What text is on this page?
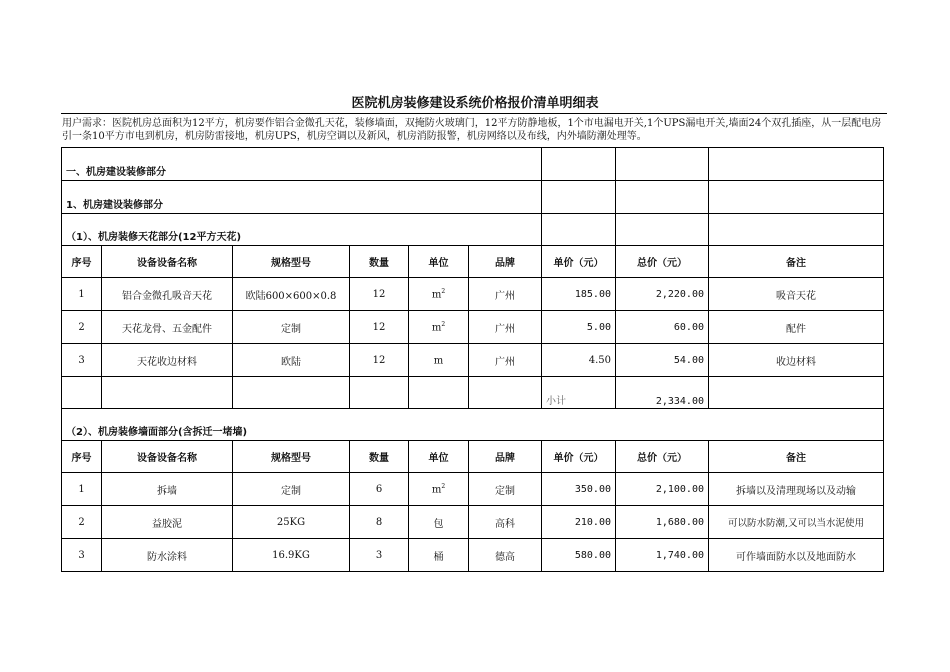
医院机房装修建设系统价格报价清单明细表
用户需求：医院机房总面积为12平方，机房要作铝合金微孔天花，装修墙面，双掩防火玻璃门，12平方防静地板，1个市电漏电开关,1个UPS漏电开关,墙面24个双孔插座，从一层配电房引一条10平方市电到机房，机房防雷接地，机房UPS，机房空调以及新风，机房消防报警，机房网络以及布线，内外墙防潮处理等。
一、机房建设装修部分								
1、机房建设装修部分								
（1）、机房装修天花部分(12平方天花)								
序号	设备设备名称	规格型号	数量	单位	品牌	单价（元）	总价（元）	备注
1	铝合金微孔吸音天花	欧陆600×600×0.8	12	$m^2$	广州	185.00	2,220.00	吸音天花
2	天花龙骨、五金配件	定制	12	$m^2$	广州	5.00	60.00	配件
3	天花收边材料	欧陆	12	m	广州	4.50	54.00	收边材料
						小计	2,334.00	
（2）、机房装修墙面部分(含拆迁一堵墙)								
序号	设备设备名称	规格型号	数量	单位	品牌	单价（元）	总价（元）	备注
1	拆墙	定制	6	$m^2$	定制	350.00	2,100.00	拆墙以及清理现场以及动输
2	益胶泥	25KG	8	包	高科	210.00	1,680.00	可以防水防潮,又可以当水泥使用
3	防水涂料	16.9KG	3	桶	德高	580.00	1,740.00	可作墙面防水以及地面防水
